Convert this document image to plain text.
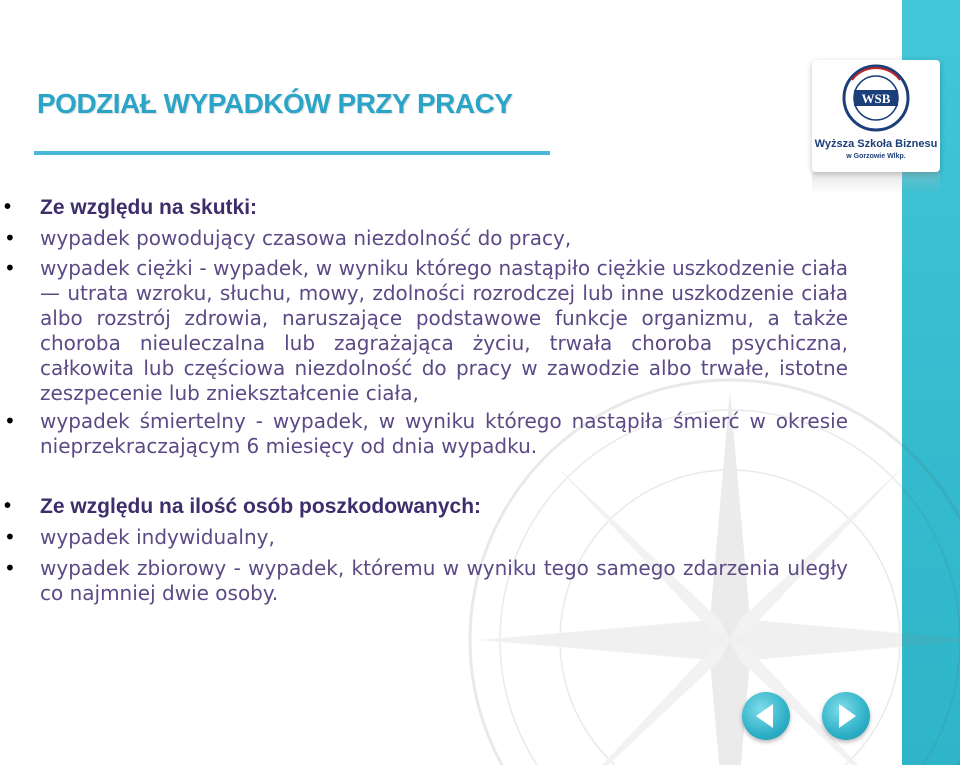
PODZIAŁ WYPADKÓW PRZY PRACY	WSB
Wyższa Szkoła Biznesu
w Gorzowie Wlkp.
• Ze względu na skutki:
• wypadek powodujący czasowa niezdolność do pracy,
• wypadek ciężki - wypadek, w wyniku którego nastąpiło ciężkie uszkodzenie ciała — utrata wzroku, słuchu, mowy, zdolności rozrodczej lub inne uszkodzenie ciała albo rozstrój zdrowia, naruszające podstawowe funkcje organizmu, a także choroba nieuleczalna lub zagrażająca życiu, trwała choroba psychiczna, całkowita lub częściowa niezdolność do pracy w zawodzie albo trwałe, istotne zeszpecenie lub zniekształcenie ciała,
• wypadek śmiertelny - wypadek, w wyniku którego nastąpiła śmierć w okresie nieprzekraczającym 6 miesięcy od dnia wypadku.
• Ze względu na ilość osób poszkodowanych:
• wypadek indywidualny,
• wypadek zbiorowy - wypadek, któremu w wyniku tego samego zdarzenia uległy co najmniej dwie osoby.
